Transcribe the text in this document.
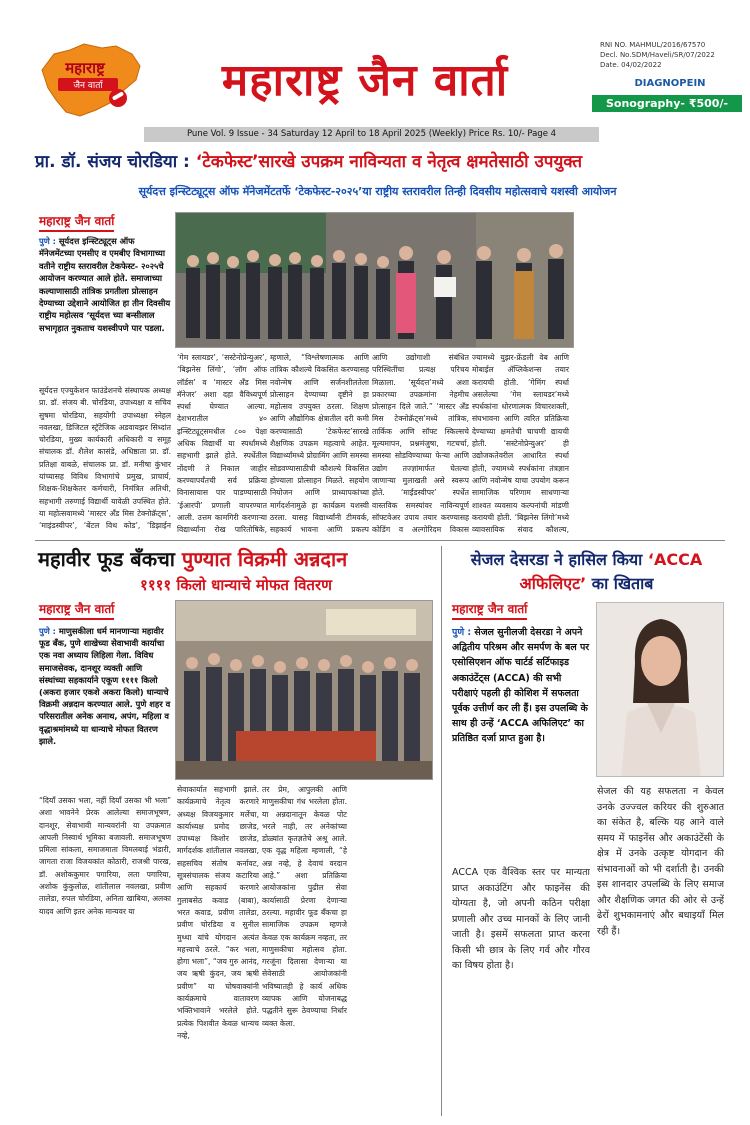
महाराष्ट्र
जैन वार्ता	महाराष्ट्र जैन वार्ता
RNI NO. MAHMUL/2016/67570
Decl. No.SDM/Haveli/SR/07/2022
Date. 04/02/2022
DIAGNOPEIN
Sonography- ₹500/-
Pune Vol. 9 Issue - 34 Saturday 12 April to 18 April 2025 (Weekly) Price Rs. 10/- Page 4
प्रा. डॉ. संजय चोरडिया : ‘टेकफेस्ट’सारखे उपक्रम नाविन्यता व नेतृत्व क्षमतेसाठी उपयुक्त
सूर्यदत्त इन्स्टिट्यूट्स ऑफ मॅनेजमेंटतर्फे ‘टेकफेस्ट-२०२५’या राष्ट्रीय स्तरावरील तिन्ही दिवसीय महोत्सवाचे यशस्वी आयोजन
महाराष्ट्र जैन वार्ता
पुणे : सूर्यदत्त इन्स्टिट्यूट्स ऑफ मॅनेजमेंटच्या एमसीए व एमबीए विभागाच्या वतीने राष्ट्रीय स्तरावरील टेकफेस्ट- २०२५चे आयोजन करण्यात आले होते. समाजाच्या कल्याणासाठी तांत्रिक प्रगतीला प्रोत्साहन देण्याच्या उद्देशाने आयोजित हा तीन दिवसीय राष्ट्रीय महोत्सव ‘सूर्यदत्त च्या बन्सीलाल सभागृहात नुकताच यशस्वीपणे पार पडला.
सूर्यदत्त एज्युकेशन फाउंडेशनचे संस्थापक अध्यक्ष प्रा. डॉ. संजय बी. चोरडिया, उपाध्यक्षा व सचिव सुषमा चोरडिया, सहयोगी उपाध्यक्षा स्नेहल नवलखा, डिजिटल स्ट्रॅटेजिक अडवायझर सिध्दांत चोरडिया, मुख्य कार्यकारी अधिकारी व समूह संचालक डॉ. शैलेश कासंडे, अधिष्ठाता प्रा. डॉ. प्रतिक्षा वाबळे, संचालक प्रा. डॉ. मनीषा कुंभार यांच्यासह विविध विभागांचे प्रमुख, प्राचार्य, शिक्षक-शिक्षकेतर कर्मचारी, निमंत्रित अतिथी, सहभागी तरुणाई विद्यार्थी यावेळी उपस्थित होते. या महोत्सवामध्ये ‘मास्टर अँड मिस टेक्नोक्रॅट्स’, ‘माइंडस्वीपर’, ‘बेंटल विथ कोड’, ‘डिझाईन
‘गेम स्लायडर’, ‘सस्टेनोप्रेन्युअर’, ‘बिझनेस लिंगो’, ‘लॉग ऑफ लॉर्डस’ व ‘मास्टर अँड मिस मॅनेजर’ अशा दहा वैविध्यपूर्ण स्पर्धा घेण्यात आल्या. देशभरातील ४० इन्स्टिट्यूट्समधील ८०० पेक्षा अधिक विद्यार्थी या स्पर्धांमध्ये सहभागी झाले होते. स्पर्धेतील नोंदणी ते निकाल जाहीर करण्यापर्यंतची सर्व प्रक्रिया विनासायास पार पाडण्यासाठी ‘ईआरपी’ प्रणाली वापरण्यात आली. उत्तम कामगिरी करणाऱ्या विद्यार्थ्यांना रोख पारितोषिके,
म्हणाले, “विश्लेषणात्मक आणि तांत्रिक कौशल्ये विकसित करण्यासह नवोन्मेष आणि सर्जनशीलतेला प्रोत्साहन देण्याच्या दृष्टीने हा महोत्सव उपयुक्त ठरला. शिक्षण आणि औद्योगिक क्षेत्रातील दरी कमी करण्यासाठी ‘टेकफेस्ट’सारखे शैक्षणिक उपक्रम महत्वाचे आहेत. विद्यार्थ्यांमध्ये प्रोग्रामिंग आणि समस्या सोडवण्यासाठीची कौशल्ये विकसित होण्याला प्रोत्साहन मिळते. सहयोग नियोजन आणि प्राध्यापकांच्या मार्गदर्शनामुळे हा कार्यक्रम यशस्वी ठरला. यासह विद्यार्थ्यांनी टीमवर्क, सहकार्य भावना आणि प्रकल्प
आणि उद्योगाशी संबंधित परिस्थितींचा प्रत्यक्ष परिचय मिळाला. ‘सूर्यदत्त’मध्ये अशा प्रकारच्या उपक्रमांना नेहमीच प्रोत्साहन दिले जाते.” ‘मास्टर अँड मिस टेक्नोक्रॅट्स’मध्ये तांत्रिक, तार्किक आणि सॉफ्ट स्किल्सचे मूल्यमापन, प्रश्नमंजुषा, गटचर्चा, समस्या सोडविण्याच्या फेऱ्या आणि उद्योग तज्ज्ञांमार्फत घेतल्या जाणाऱ्या मुलाखती असे स्वरूप होते. ‘माईंडस्वीपर’ स्पर्धेत वास्तविक समस्यांवर नाविन्यपूर्ण सॉफ्टवेअर उपाय तयार करण्यासह कोडिंग व अल्गोरिदम विकास
ज्यामध्ये युझर-फ्रेंडली वेब आणि मोबाईल ॲप्लिकेशन्स तयार करायची होती. ‘गेमिंग स्पर्धा असलेल्या ‘गेम स्लायडर’मध्ये स्पर्धकांना धोरणात्मक विचारशक्ती, संघभावना आणि त्वरित प्रतिक्रिया देण्याच्या क्षमतेची चाचणी द्यायची होती. ‘सस्टेनोप्रेन्युअर’ ही उद्योजकतेवरील आधारित स्पर्धा होती, ज्यामध्ये स्पर्धकांना तंत्रज्ञान आणि नवोन्मेष याचा उपयोग करून सामाजिक परिणाम साधणाऱ्या शाश्वत व्यवसाय कल्पनांची मांडणी करायची होती. ‘बिझनेस लिंगो’मध्ये व्यावसायिक संवाद कौशल्य,
महावीर फूड बँकचा पुण्यात विक्रमी अन्नदान
११११ किलो धान्याचे मोफत वितरण
महाराष्ट्र जैन वार्ता
पुणे : माणुसकीला धर्म मानणाऱ्या महावीर फूड बँक, पुणे शाखेच्या सेवाभावी कार्याचा एक नवा अध्याय लिहिला गेला. विविध समाजसेवक, दानशूर व्यक्ती आणि संस्थांच्या सहकार्याने एकूण ११११ किलो (अकरा हजार एकशे अकरा किलो) धान्याचे विक्रमी अन्नदान करण्यात आले. पुणे शहर व परिसरातील अनेक अनाथ, अपंग, महिला व वृद्धाश्रमांमध्ये या धान्याचे मोफत वितरण झाले.
“दियाँ उसका भला, नहीं दियाँ उसका भी भला” अशा भावनेने प्रेरक आलेल्या समाजभूषण, दानशूर, सेवाभावी मान्यवरांनी या उपक्रमात आपली निस्वार्थ भूमिका बजावली. समाजभूषण प्रमिला सांकला, समाजमाता विमलबाई भंडारी, जागता राजा विजयकांत कोठारी, राजश्री पारख, डॉ. अशोककुमार पगारिया, लता पगारिया, अशोक कुंकुलोळ, शांतीलाल नवलखा, प्रवीण तालेडा, रुपल चोरडिया, अनिता खाबिया, अलका यादव आणि इतर अनेक मान्यवर या
सेवाकार्यात सहभागी झाले. कार्यक्रमाचे नेतृत्व करणारे अध्यक्ष विजयकुमार मर्लेचा, कार्याध्यक्ष प्रमोद छाजेड, उपाध्यक्ष किशोर छाजेड, मार्गदर्शक शांतीलाल नवलखा, सहसचिव संतोष कर्नावट, सूत्रसंचालक संजय कटारिया आणि सहकार्य करणारे गुलाबसेठ कवाड (बाबा), भरत कवाड, प्रवीण तालेडा, प्रवीण चोरडिया व सुनील मुथ्था यांचे योगदान अत्यंत महत्त्वाचे ठरले. “कर भला, होगा भला”, “जय गुरु आनंद, जय ऋषी कुंदन, जय ऋषी प्रवीण” या घोषवाक्यांनी कार्यक्रमाचे वातावरण भक्तिभावाने भरलेले होते. प्रत्येक पिशवीत केवळ धान्यच नव्हे,
तर प्रेम, आपुलकी आणि माणुसकीचा गंध भरलेला होता. या अन्नदानातून केवळ पोट भरले नाही, तर अनेकांच्या डोळ्यांत कृतज्ञतेचे अश्रू आले. एक वृद्ध महिला म्हणाली, “हे अन्न नव्हे, हे देवाचं वरदान आहे.” अशा प्रतिक्रिया आयोजकांना पुढील सेवा कार्यासाठी प्रेरणा देणाऱ्या ठरल्या. महावीर फूड बँकचा हा सामाजिक उपक्रम म्हणजे केवळ एक कार्यक्रम नव्हता, तर माणुसकीचा महोत्सव होता. गरजूंना दिलासा देणाऱ्या या सेवेसाठी आयोजकांनी भविष्यातही हे कार्य अधिक व्यापक आणि योजनाबद्ध पद्धतीने सुरू ठेवण्याचा निर्धार व्यक्त केला.
सेजल देसरडा ने हासिल किया ‘ACCA अफिलिएट’ का खिताब
महाराष्ट्र जैन वार्ता
पुणे : सेजल सुनीलजी देसरडा ने अपने अद्वितीय परिश्रम और समर्पण के बल पर एसोसिएशन ऑफ चार्टर्ड सर्टिफाइड अकाउंटेंट्स (ACCA) की सभी परीक्षाएं पहली ही कोशिश में सफलता पूर्वक उत्तीर्ण कर ली हैं। इस उपलब्धि के साथ ही उन्हें ‘ACCA अफिलिएट’ का प्रतिष्ठित दर्जा प्राप्त हुआ है।
ACCA एक वैश्विक स्तर पर मान्यता प्राप्त अकाउंटिंग और फाइनेंस की योग्यता है, जो अपनी कठिन परीक्षा प्रणाली और उच्च मानकों के लिए जानी जाती है। इसमें सफलता प्राप्त करना किसी भी छात्र के लिए गर्व और गौरव का विषय होता है।
सेजल की यह सफलता न केवल उनके उज्ज्वल करियर की शुरुआत का संकेत है, बल्कि यह आने वाले समय में फाइनेंस और अकाउंटेंसी के क्षेत्र में उनके उत्कृष्ट योगदान की संभावनाओं को भी दर्शाती है। उनकी इस शानदार उपलब्धि के लिए समाज और शैक्षणिक जगत की ओर से उन्हें ढेरों शुभकामनाएं और बधाइयाँ मिल रही हैं।
